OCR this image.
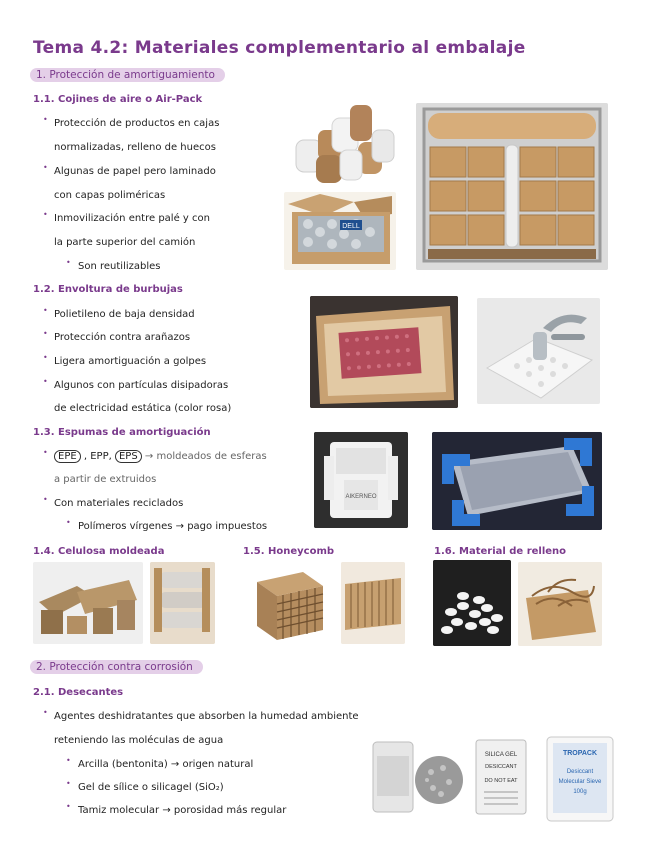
Tema 4.2: Materiales complementario al embalaje
1. Protección de amortiguamiento
1.1. Cojines de aire o Air-Pack
• Protección de productos en cajas
normalizadas, relleno de huecos
• Algunas de papel pero laminado
con capas poliméricas
• Inmovilización entre palé y con
la parte superior del camión
• Son reutilizables
DELL
1.2. Envoltura de burbujas
• Polietileno de baja densidad
• Protección contra arañazos
• Ligera amortiguación a golpes
• Algunos con partículas disipadoras
de electricidad estática (color rosa)
1.3. Espumas de amortiguación
•	EPE , EPP, EPS → moldeados de esferas
a partir de extruidos
• Con materiales reciclados
• Polímeros vírgenes → pago impuestos
AIKERNEO
1.4. Celulosa moldeada	1.5. Honeycomb	1.6. Material de relleno
2. Protección contra corrosión
2.1. Desecantes
• Agentes deshidratantes que absorben la humedad ambiente
reteniendo las moléculas de agua
• Arcilla (bentonita) → origen natural
• Gel de sílice o silicagel (SiO₂)
• Tamiz molecular → porosidad más regular
SILICA GEL
DESICCANT
DO NOT EAT
TROPACK
Desiccant
Molecular Sieve
100g
